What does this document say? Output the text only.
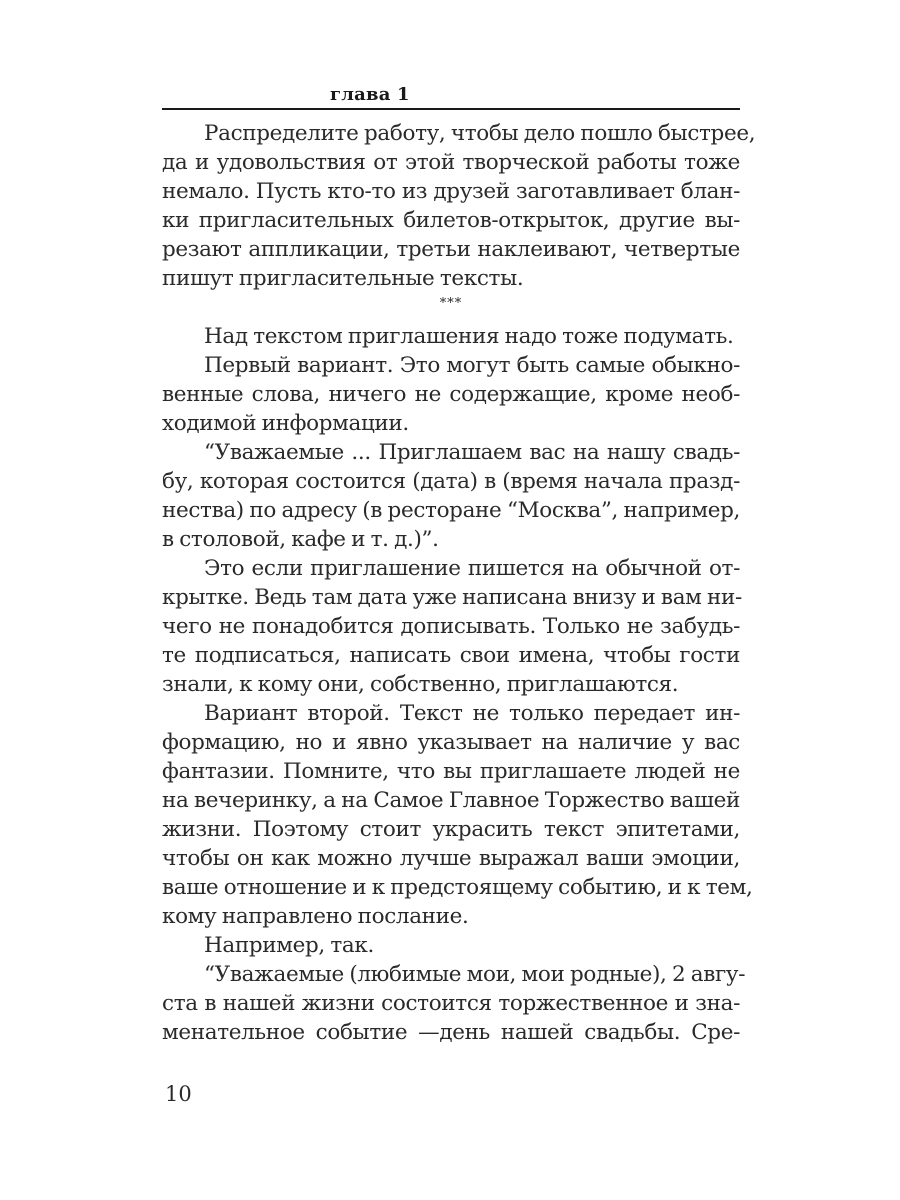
глава 1
Распределите работу, чтобы дело пошло быстрее,
да и удовольствия от этой творческой работы тоже
немало. Пусть кто-то из друзей заготавливает блан-
ки пригласительных билетов-открыток, другие вы-
резают аппликации, третьи наклеивают, четвертые
пишут пригласительные тексты.
***
Над текстом приглашения надо тоже подумать.
Первый вариант. Это могут быть самые обыкно-
венные слова, ничего не содержащие, кроме необ-
ходимой информации.
“Уважаемые ... Приглашаем вас на нашу свадь-
бу, которая состоится (дата) в (время начала празд-
нества) по адресу (в ресторане “Москва”, например,
в столовой, кафе и т. д.)”.
Это если приглашение пишется на обычной от-
крытке. Ведь там дата уже написана внизу и вам ни-
чего не понадобится дописывать. Только не забудь-
те подписаться, написать свои имена, чтобы гости
знали, к кому они, собственно, приглашаются.
Вариант второй. Текст не только передает ин-
формацию, но и явно указывает на наличие у вас
фантазии. Помните, что вы приглашаете людей не
на вечеринку, а на Самое Главное Торжество вашей
жизни. Поэтому стоит украсить текст эпитетами,
чтобы он как можно лучше выражал ваши эмоции,
ваше отношение и к предстоящему событию, и к тем,
кому направлено послание.
Например, так.
“Уважаемые (любимые мои, мои родные), 2 авгу-
ста в нашей жизни состоится торжественное и зна-
менательное событие —день нашей свадьбы. Сре-
10
